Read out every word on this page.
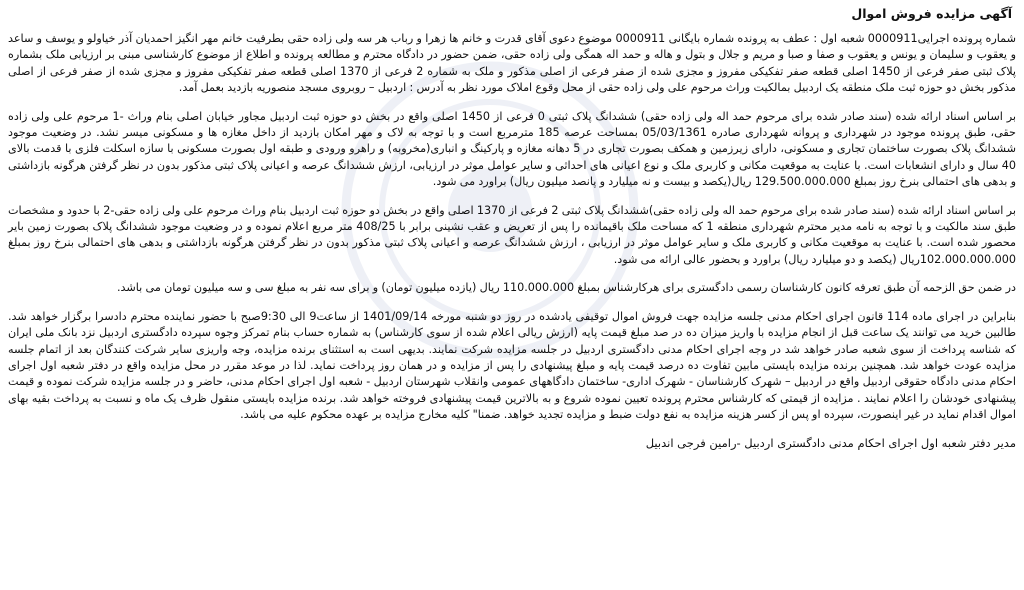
آگهی مزایده فروش اموال

شماره پرونده اجرایی0000911 شعبه اول : عطف به پرونده شماره بایگانی 0000911 موضوع دعوی آقای قدرت و خانم ها زهرا و رباب هر سه ولی زاده حقی بطرفیت خانم مهر انگیز احمدیان آذر خیاولو و یوسف و ساعد و یعقوب و سلیمان و یونس و یعقوب و صفا و صبا و مریم و جلال و بتول و هاله و حمد اله همگی ولی زاده حقی، ضمن حضور در دادگاه محترم و مطالعه پرونده و اطلاع از موضوع کارشناسی مبنی بر ارزیابی ملک بشماره پلاک ثبتی صفر فرعی از 1450 اصلی قطعه صفر تفکیکی مفروز و مجزی شده از صفر فرعی از اصلی مذکور و ملک به شماره 2 فرعی از 1370 اصلی قطعه صفر تفکیکی مفروز و مجزی شده از صفر فرعی از اصلی مذکور بخش دو حوزه ثبت ملک منطقه یک اردبیل بمالکیت وراث مرحوم علی ولی زاده حقی از محل وقوع املاک مورد نظر به آدرس : اردبیل – روبروی مسجد منصوریه بازدید بعمل آمد.

بر اساس اسناد ارائه شده (سند صادر شده برای مرحوم حمد اله ولی زاده حقی) ششدانگ پلاک ثبتی 0 فرعی از 1450 اصلی واقع در بخش دو حوزه ثبت اردبیل مجاور خیابان اصلی بنام وراث -1 مرحوم علی ولی زاده حقی، طبق پرونده موجود در شهرداری و پروانه شهرداری صادره 05/03/1361 بمساحت عرصه 185 مترمربع است و با توجه به لاک و مهر امکان بازدید از داخل مغازه ها و مسکونی میسر نشد. در وضعیت موجود ششدانگ پلاک بصورت ساختمان تجاری و مسکونی، دارای زیرزمین و همکف بصورت تجاری در 5 دهانه مغازه و پارکینگ و انباری(مخروبه) و راهرو ورودی و طبقه اول بصورت مسکونی با سازه اسکلت فلزی با قدمت بالای 40 سال و دارای انشعابات است. با عنایت به موقعیت مکانی و کاربری ملک و نوع اعیانی های احداثی و سایر عوامل موثر در ارزیابی، ارزش ششدانگ عرصه و اعیانی پلاک ثبتی مذکور بدون در نظر گرفتن هرگونه بازداشتی و بدهی های احتمالی بنرخ روز بمبلغ 129.500.000.000 ریال(یکصد و بیست و نه میلیارد و پانصد میلیون ریال) براورد می شود.

بر اساس اسناد ارائه شده (سند صادر شده برای مرحوم حمد اله ولی زاده حقی)ششدانگ پلاک ثبتی 2 فرعی از 1370 اصلی واقع در بخش دو حوزه ثبت اردبیل بنام وراث مرحوم علی ولی زاده حقی-2 با حدود و مشخصات طبق سند مالکیت و با توجه به نامه مدیر محترم شهرداری منطقه 1 که مساحت ملک باقیمانده را پس از تعریض و عقب نشینی برابر با 408/25 متر مربع اعلام نموده و در وضعیت موجود ششدانگ پلاک بصورت زمین بایر محصور شده است. با عنایت به موقعیت مکانی و کاربری ملک و سایر عوامل موثر در ارزیابی ، ارزش ششدانگ عرصه و اعیانی پلاک ثبتی مذکور بدون در نظر گرفتن هرگونه بازداشتی و بدهی های احتمالی بنرخ روز بمبلغ 102.000.000.000ریال (یکصد و دو میلیارد ریال) براورد و بحضور عالی ارائه می شود.

در ضمن حق الزحمه آن طبق تعرفه کانون کارشناسان رسمی دادگستری برای هرکارشناس بمبلغ 110.000.000 ریال (یازده میلیون تومان) و برای سه نفر به مبلغ سی و سه میلیون تومان می باشد.

بنابراین در اجرای ماده 114 قانون اجرای احکام مدنی جلسه مزایده جهت فروش اموال توقیفی یادشده در روز دو شنبه مورخه 1401/09/14 از ساعت9 الی 9:30صبح با حضور نماینده محترم دادسرا برگزار خواهد شد. طالبین خرید می توانند یک ساعت قبل از انجام مزایده با واریز میزان ده در صد مبلغ قیمت پایه (ارزش ریالی اعلام شده از سوی کارشناس) به شماره حساب بنام تمرکز وجوه سپرده دادگستری اردبیل نزد بانک ملی ایران که شناسه پرداخت از سوی شعبه صادر خواهد شد در وجه اجرای احکام مدنی دادگستری اردبیل در جلسه مزایده شرکت نمایند. بدیهی است به استثنای برنده مزایده، وجه واریزی سایر شرکت کنندگان بعد از اتمام جلسه مزایده عودت خواهد شد. همچنین برنده مزایده بایستی مابین تفاوت ده درصد قیمت پایه و مبلغ پیشنهادی را پس از مزایده و در همان روز پرداخت نماید. لذا در موعد مقرر در محل مزایده واقع در دفتر شعبه اول اجرای احکام مدنی دادگاه حقوقی اردبیل واقع در اردبیل – شهرک کارشناسان - شهرک اداری- ساختمان دادگاههای عمومی وانقلاب شهرستان اردبیل - شعبه اول اجرای احکام مدنی، حاضر و در جلسه مزایده شرکت نموده و قیمت پیشنهادی خودشان را اعلام نمایند . مزایده از قیمتی که کارشناس محترم پرونده تعیین نموده شروع و به بالاترین قیمت پیشنهادی فروخته خواهد شد. برنده مزایده بایستی منقول ظرف یک ماه و نسبت به پرداخت بقیه بهای اموال اقدام نماید در غیر اینصورت، سپرده او پس از کسر هزینه مزایده به نفع دولت ضبط و مزایده تجدید خواهد. ضمنا" کلیه مخارج مزایده بر عهده محکوم علیه می باشد.

مدیر دفتر شعبه اول اجرای احکام مدنی دادگستری اردبیل -رامین فرجی اندبیل
